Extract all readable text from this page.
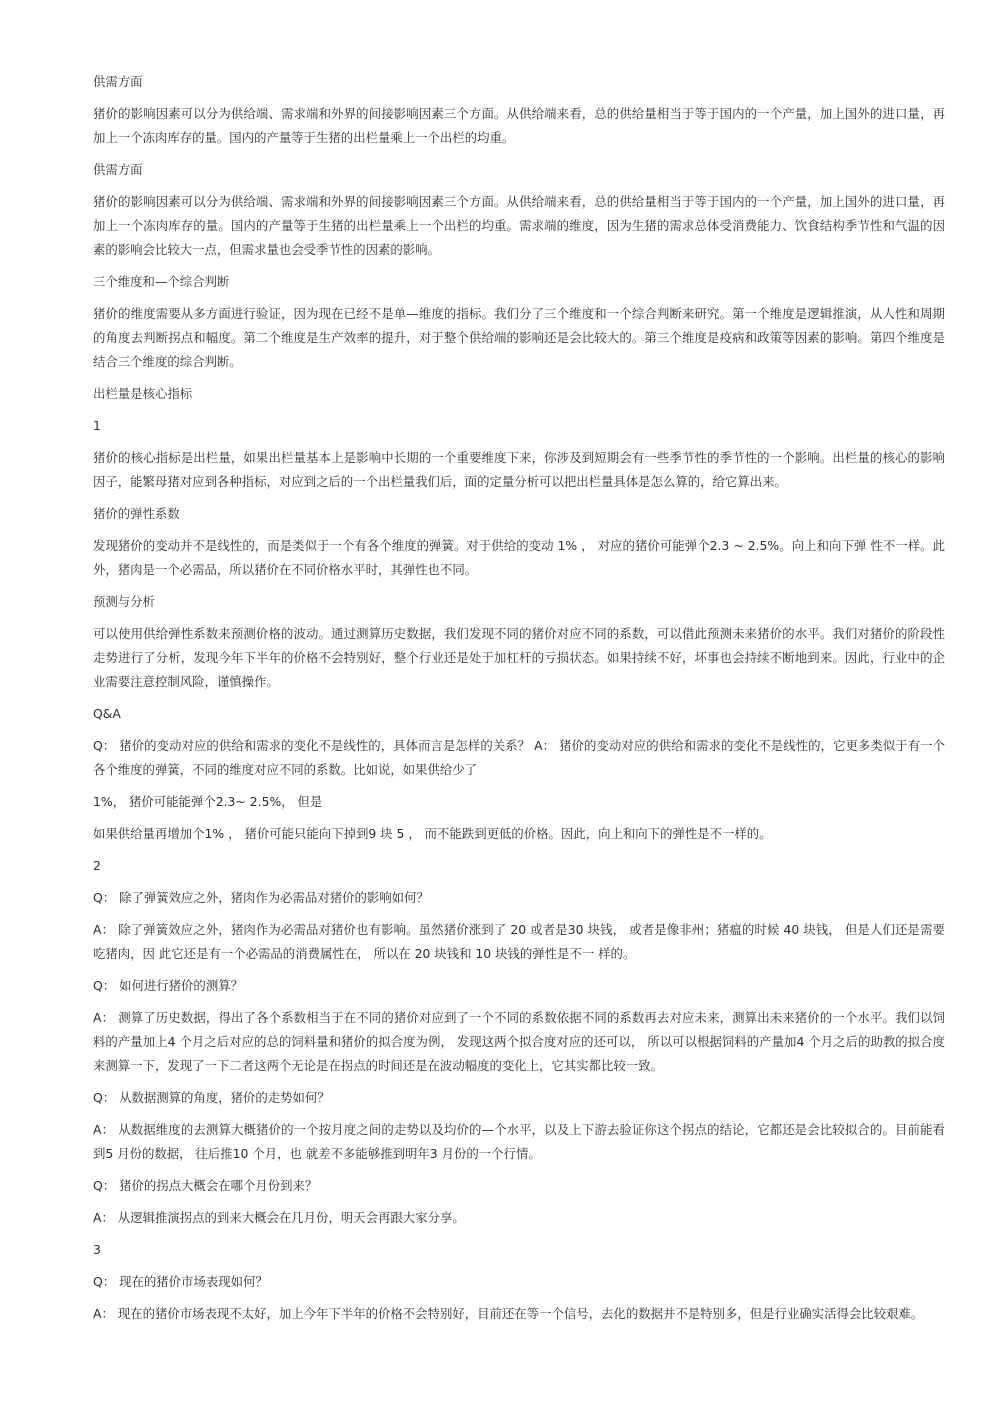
供需方面

猪价的影响因素可以分为供给端、需求端和外界的间接影响因素三个方面。从供给端来看，总的供给量相当于等于国内的一个产量，加上国外的进口量，再加上一个冻肉库存的量。国内的产量等于生猪的出栏量乘上一个出栏的均重。

供需方面

猪价的影响因素可以分为供给端、需求端和外界的间接影响因素三个方面。从供给端来看，总的供给量相当于等于国内的一个产量，加上国外的进口量，再加上一个冻肉库存的量。国内的产量等于生猪的出栏量乘上一个出栏的均重。需求端的维度，因为生猪的需求总体受消费能力、饮食结构季节性和气温的因素的影响会比较大一点，但需求量也会受季节性的因素的影响。

三个维度和—个综合判断

猪价的维度需要从多方面进行验证，因为现在已经不是单—维度的指标。我们分了三个维度和一个综合判断来研究。第一个维度是逻辑推演，从人性和周期的角度去判断拐点和幅度。第二个维度是生产效率的提升，对于整个供给端的影响还是会比较大的。第三个维度是疫病和政策等因素的影响。第四个维度是结合三个维度的综合判断。

出栏量是核心指标

1

猪价的核心指标是出栏量，如果出栏量基本上是影响中长期的一个重要维度下来，你涉及到短期会有一些季节性的季节性的一个影响。出栏量的核心的影响因子，能繁母猪对应到各种指标，对应到之后的一个出栏量我们后，面的定量分析可以把出栏量具体是怎么算的，给它算出来。

猪价的弹性系数

发现猪价的变动并不是线性的，而是类似于一个有各个维度的弹簧。对于供给的变动 1% ， 对应的猪价可能弹个2.3 ~ 2.5%。向上和向下弹 性不一样。此外，猪肉是一个必需品，所以猪价在不同价格水平时，其弹性也不同。

预测与分析

可以使用供给弹性系数来预测价格的波动。通过测算历史数据，我们发现不同的猪价对应不同的系数，可以借此预测未来猪价的水平。我们对猪价的阶段性走势进行了分析，发现今年下半年的价格不会特别好，整个行业还是处于加杠杆的亏损状态。如果持续不好，坏事也会持续不断地到来。因此，行业中的企业需要注意控制风险，谨慎操作。

Q&A

Q： 猪价的变动对应的供给和需求的变化不是线性的，具体而言是怎样的关系？ A： 猪价的变动对应的供给和需求的变化不是线性的，它更多类似于有一个各个维度的弹簧，不同的维度对应不同的系数。比如说，如果供给少了

1%， 猪价可能能弹个2.3~ 2.5%， 但是

如果供给量再增加个1% ， 猪价可能只能向下掉到9 块 5 ， 而不能跌到更低的价格。因此，向上和向下的弹性是不一样的。

2

Q： 除了弹簧效应之外，猪肉作为必需品对猪价的影响如何？

A： 除了弹簧效应之外，猪肉作为必需品对猪价也有影响。虽然猪价涨到了 20 或者是30 块钱， 或者是像非州；猪瘟的时候 40 块钱， 但是人们还是需要吃猪肉，因 此它还是有一个必需品的消费属性在， 所以在 20 块钱和 10 块钱的弹性是不一 样的。

Q： 如何进行猪价的测算？

A： 测算了历史数据，得出了各个系数相当于在不同的猪价对应到了一个不同的系数依据不同的系数再去对应未来，测算出未来猪价的一个水平。我们以饲料的产量加上4 个月之后对应的总的饲料量和猪价的拟合度为例， 发现这两个拟合度对应的还可以， 所以可以根据饲料的产量加4 个月之后的助教的拟合度来测算一下，发现了一下二者这两个无论是在拐点的时间还是在波动幅度的变化上，它其实都比较一致。

Q： 从数据测算的角度，猪价的走势如何？

A： 从数据维度的去测算大概猪价的一个按月度之间的走势以及均价的—个水平，以及上下游去验证你这个拐点的结论，它都还是会比较拟合的。目前能看到5 月份的数据， 往后推10 个月，也 就差不多能够推到明年3 月份的一个行情。

Q： 猪价的拐点大概会在哪个月份到来？

A： 从逻辑推演拐点的到来大概会在几月份，明天会再跟大家分享。

3

Q： 现在的猪价市场表现如何？

A： 现在的猪价市场表现不太好，加上今年下半年的价格不会特别好，目前还在等一个信号，去化的数据并不是特别多，但是行业确实活得会比较艰难。
